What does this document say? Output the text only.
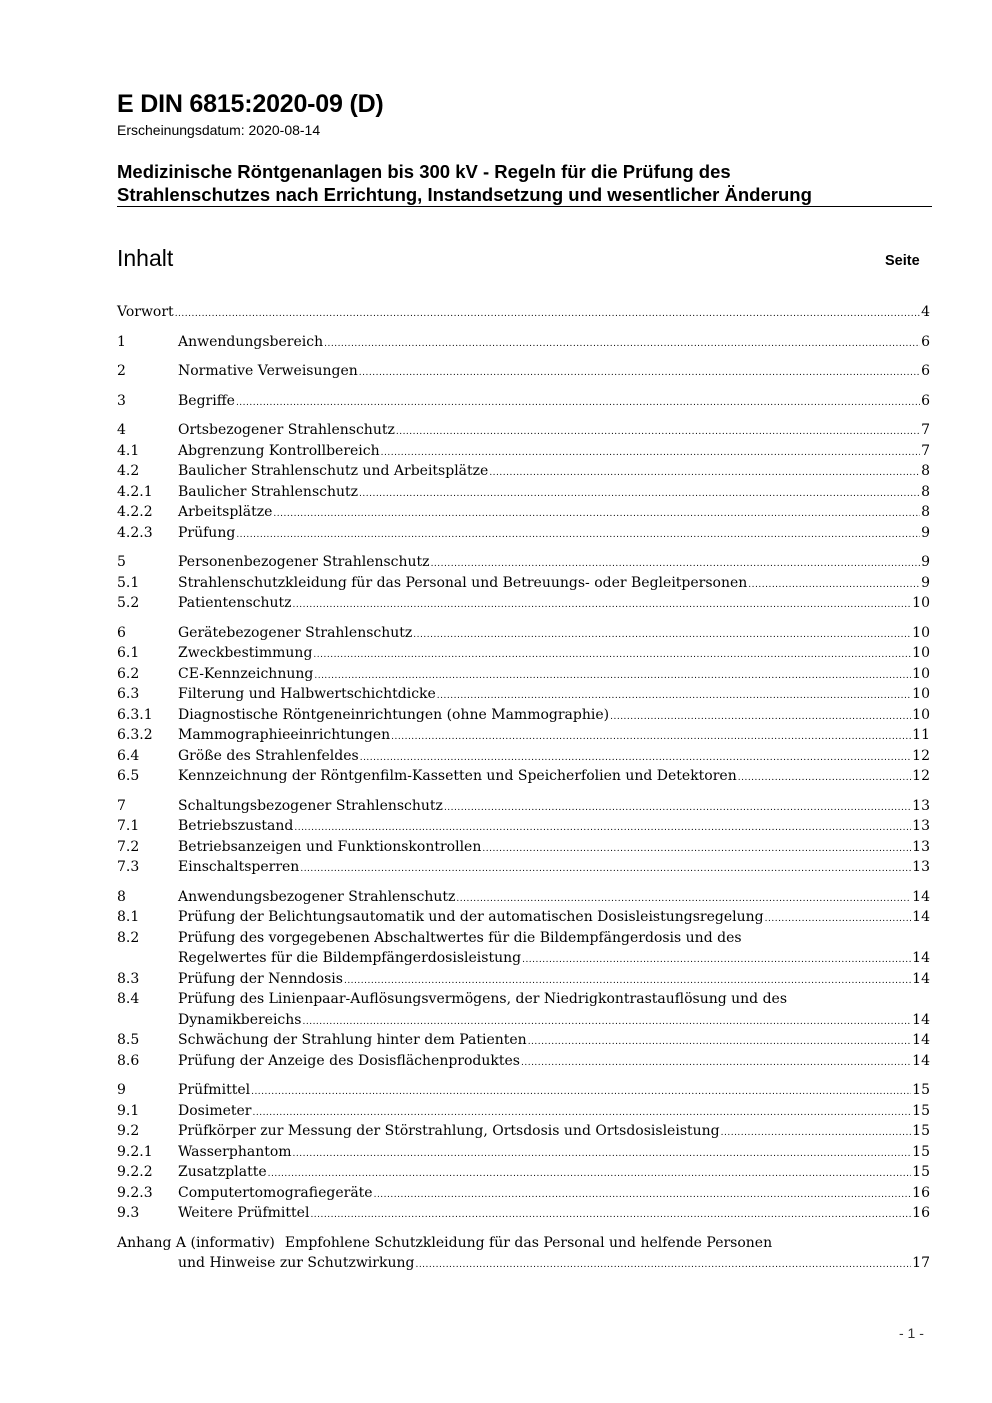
E DIN 6815:2020-09 (D)
Erscheinungsdatum: 2020-08-14
Medizinische Röntgenanlagen bis 300 kV - Regeln für die Prüfung des
Strahlenschutzes nach Errichtung, Instandsetzung und wesentlicher Änderung
Inhalt	Seite
Vorwort .....	4
1	Anwendungsbereich .....	6
2	Normative Verweisungen .....	6
3	Begriffe .....	6
4	Ortsbezogener Strahlenschutz .....	7
4.1	Abgrenzung Kontrollbereich .....	7
4.2	Baulicher Strahlenschutz und Arbeitsplätze .....	8
4.2.1	Baulicher Strahlenschutz .....	8
4.2.2	Arbeitsplätze .....	8
4.2.3	Prüfung .....	9
5	Personenbezogener Strahlenschutz .....	9
5.1	Strahlenschutzkleidung für das Personal und Betreuungs- oder Begleitpersonen .....	9
5.2	Patientenschutz .....	10
6	Gerätebezogener Strahlenschutz .....	10
6.1	Zweckbestimmung .....	10
6.2	CE-Kennzeichnung .....	10
6.3	Filterung und Halbwertschichtdicke .....	10
6.3.1	Diagnostische Röntgeneinrichtungen (ohne Mammographie) .....	10
6.3.2	Mammographieeinrichtungen .....	11
6.4	Größe des Strahlenfeldes .....	12
6.5	Kennzeichnung der Röntgenfilm-Kassetten und Speicherfolien und Detektoren .....	12
7	Schaltungsbezogener Strahlenschutz .....	13
7.1	Betriebszustand .....	13
7.2	Betriebsanzeigen und Funktionskontrollen .....	13
7.3	Einschaltsperren .....	13
8	Anwendungsbezogener Strahlenschutz .....	14
8.1	Prüfung der Belichtungsautomatik und der automatischen Dosisleistungsregelung .....	14
8.2	Prüfung des vorgegebenen Abschaltwertes für die Bildempfängerdosis und des
Regelwertes für die Bildempfängerdosisleistung .....	14
8.3	Prüfung der Nenndosis .....	14
8.4	Prüfung des Linienpaar-Auflösungsvermögens, der Niedrigkontrastauflösung und des
Dynamikbereichs .....	14
8.5	Schwächung der Strahlung hinter dem Patienten .....	14
8.6	Prüfung der Anzeige des Dosisflächenproduktes .....	14
9	Prüfmittel .....	15
9.1	Dosimeter .....	15
9.2	Prüfkörper zur Messung der Störstrahlung, Ortsdosis und Ortsdosisleistung .....	15
9.2.1	Wasserphantom .....	15
9.2.2	Zusatzplatte .....	15
9.2.3	Computertomografiegeräte .....	16
9.3	Weitere Prüfmittel .....	16
Anhang A (informativ) Empfohlene Schutzkleidung für das Personal und helfende Personen
und Hinweise zur Schutzwirkung .....	17
- 1 -
